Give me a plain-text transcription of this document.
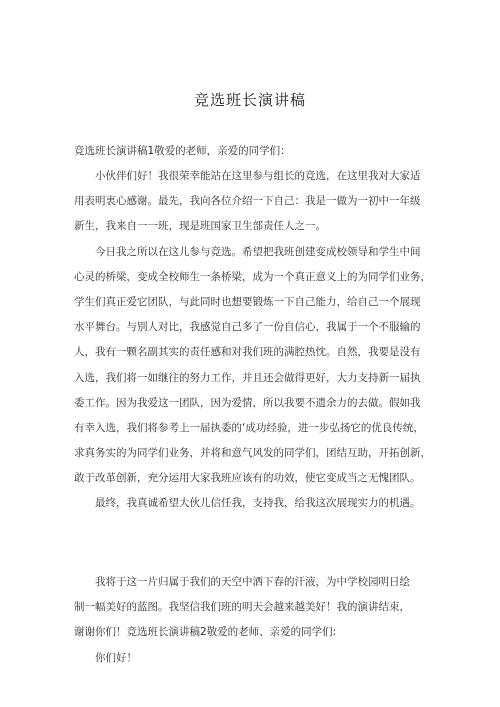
竞选班长演讲稿
竞选班长演讲稿1敬爱的老师，亲爱的同学们：
小伙伴们好！我很荣幸能站在这里参与组长的竞选，在这里我对大家适
用表明衷心感谢。最先，我向各位介绍一下自己：我是一做为一初中一年级
新生，我来自一一班，现是班国家卫生部责任人之一。
今日我之所以在这儿参与竞选。希望把我班创建变成校领导和学生中间
心灵的桥梁，变成全校师生一条桥梁，成为一个真正意义上的为同学们业务，
学生们真正爱它团队，与此同时也想要锻炼一下自己能力，给自己一个展现
水平舞台。与别人对比，我感觉自己多了一份自信心，我属于一个不服输的
人，我有一颗名副其实的责任感和对我们班的满腔热忱。自然，我要是没有
入选，我们将一如继往的努力工作，并且还会做得更好，大力支持新一届执
委工作。因为我爱这一团队，因为爱情，所以我要不遗余力的去做。假如我
有幸入选，我们将参考上一届执委的‘成功经验，进一步弘扬它的优良传统，
求真务实的为同学们业务，并将和意气风发的同学们，团结互助，开拓创新，
敢于改革创新，充分运用大家我班应该有的功效，使它变成当之无愧团队。
最终，我真诚希望大伙儿信任我，支持我，给我这次展现实力的机遇。
我将于这一片归属于我们的天空中洒下春的汗液，为中学校园明日绘
制一幅美好的蓝图。我坚信我们班的明天会越来越美好！我的演讲结束，
谢谢你们！竞选班长演讲稿2敬爱的老师、亲爱的同学们:
你们好！
